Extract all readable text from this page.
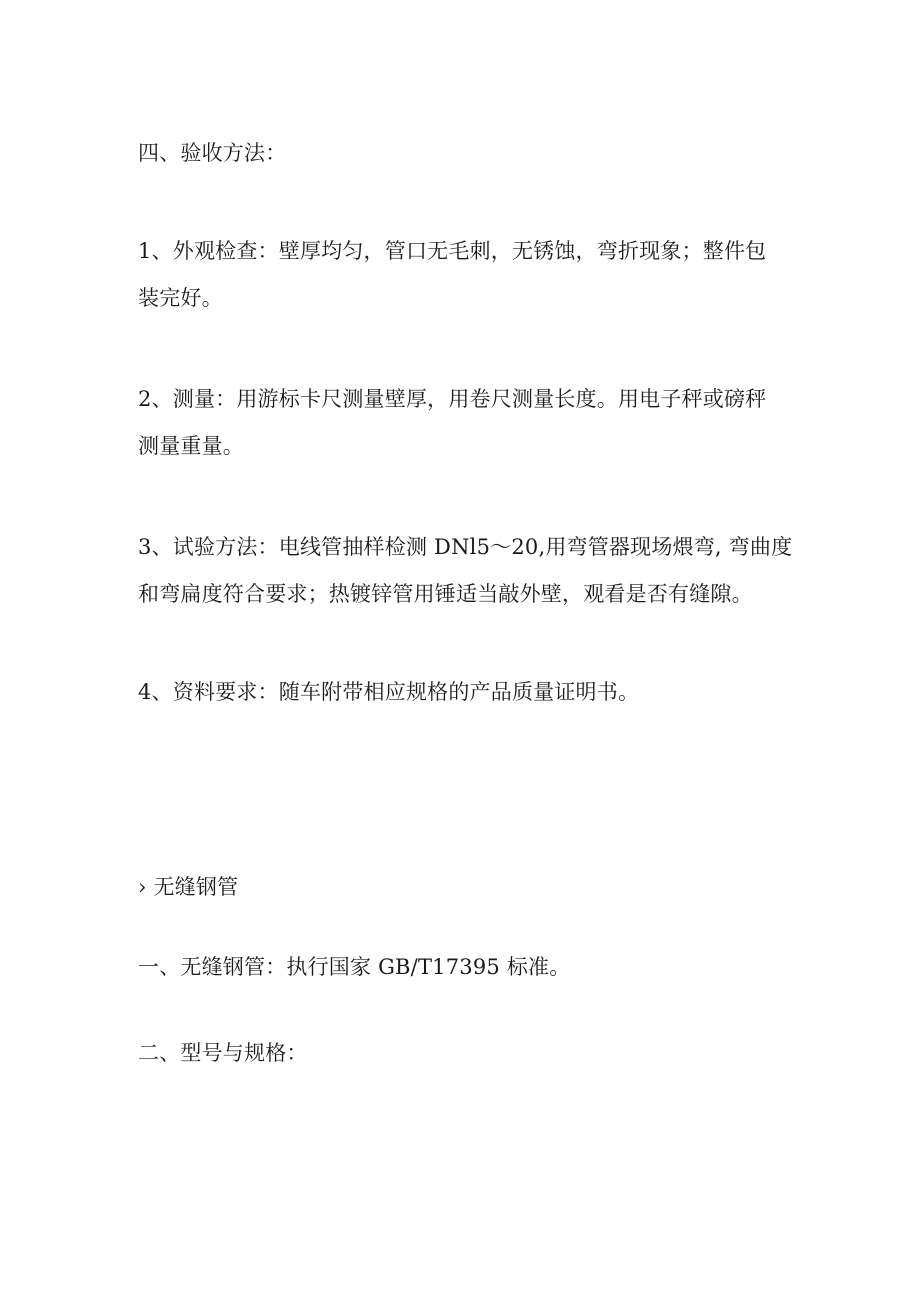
四、验收方法：

1、外观检查：壁厚均匀，管口无毛刺，无锈蚀，弯折现象；整件包
装完好。

2、测量：用游标卡尺测量壁厚，用卷尺测量长度。用电子秤或磅秤
测量重量。

3、试验方法：电线管抽样检测 DNl5～20,用弯管器现场煨弯, 弯曲度
和弯扁度符合要求；热镀锌管用锤适当敲外壁，观看是否有缝隙。

4、资料要求：随车附带相应规格的产品质量证明书。

› 无缝钢管

一、无缝钢管：执行国家 GB/T17395 标准。

二、型号与规格：
